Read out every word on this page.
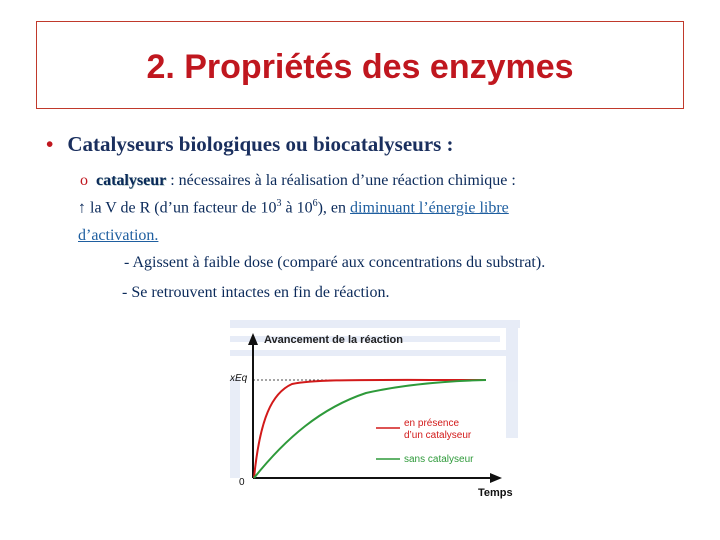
2. Propriétés des enzymes
• Catalyseurs biologiques ou biocatalyseurs :
o catalyseur : nécessaires à la réalisation d’une réaction chimique :
↑ la V de R (d’un facteur de $10^3$ à $10^6$), en diminuant l’énergie libre
d’activation.
- Agissent à faible dose (comparé aux concentrations du substrat).
- Se retrouvent intactes en fin de réaction.
Avancement de la réaction
xEq
0
Temps
en présence
d’un catalyseur
sans catalyseur
